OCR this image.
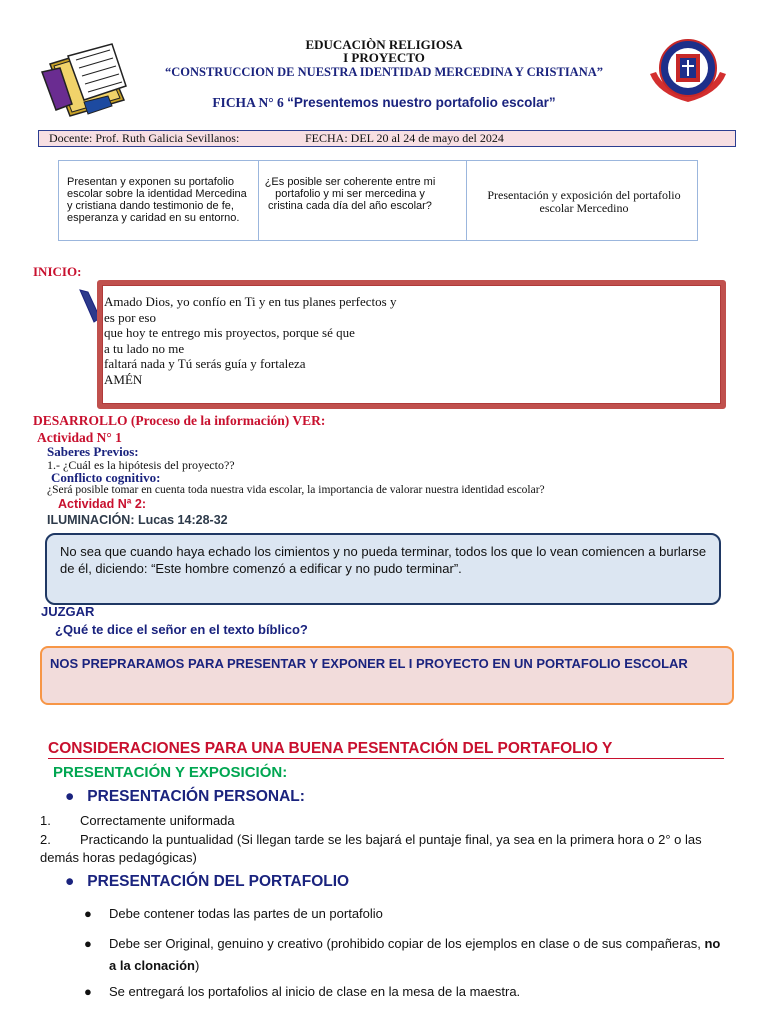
EDUCACIÒN RELIGIOSA
I PROYECTO
“CONSTRUCCION DE NUESTRA IDENTIDAD MERCEDINA Y CRISTIANA”
FICHA N° 6 “Presentemos nuestro portafolio escolar”
Docente: Prof. Ruth Galicia Sevillanos:	FECHA: DEL 20 al 24 de mayo del 2024
Presentan y exponen su portafolio escolar sobre la identidad Mercedina y cristiana dando testimonio de fe, esperanza y caridad en su entorno.
¿Es posible ser coherente entre mi portafolio y mi ser mercedina y cristina cada día del año escolar?
Presentación y exposición del portafolio escolar Mercedino
INICIO:
Amado Dios, yo confío en Ti y en tus planes perfectos y
es por eso
que hoy te entrego mis proyectos, porque sé que
a tu lado no me
faltará nada y Tú serás guía y fortaleza
AMÉN
DESARROLLO (Proceso de la información) VER:
Actividad N° 1
Saberes Previos:
1.- ¿Cuál es la hipótesis del proyecto??
Conflicto cognitivo:
¿Será posible tomar en cuenta toda nuestra vida escolar, la importancia de valorar nuestra identidad escolar?
Actividad Nª 2:
ILUMINACIÓN: Lucas 14:28-32
No sea que cuando haya echado los cimientos y no pueda terminar, todos los que lo vean comiencen a burlarse de él, diciendo: “Este hombre comenzó a edificar y no pudo terminar”.
JUZGAR
¿Qué te dice el señor en el texto bíblico?
NOS PREPRARAMOS PARA PRESENTAR Y EXPONER EL I PROYECTO EN UN PORTAFOLIO ESCOLAR
CONSIDERACIONES PARA UNA BUENA PESENTACIÓN DEL PORTAFOLIO Y
PRESENTACIÓN Y EXPOSICIÓN:
● PRESENTACIÓN PERSONAL:
1. Correctamente uniformada
2.	Practicando la puntualidad (Si llegan tarde se les bajará el puntaje final, ya sea en la primera hora o 2° o las demás horas pedagógicas)
● PRESENTACIÓN DEL PORTAFOLIO
● Debe contener todas las partes de un portafolio
● Debe ser Original, genuino y creativo (prohibido copiar de los ejemplos en clase o de sus compañeras, no a la clonación)
● Se entregará los portafolios al inicio de clase en la mesa de la maestra.
